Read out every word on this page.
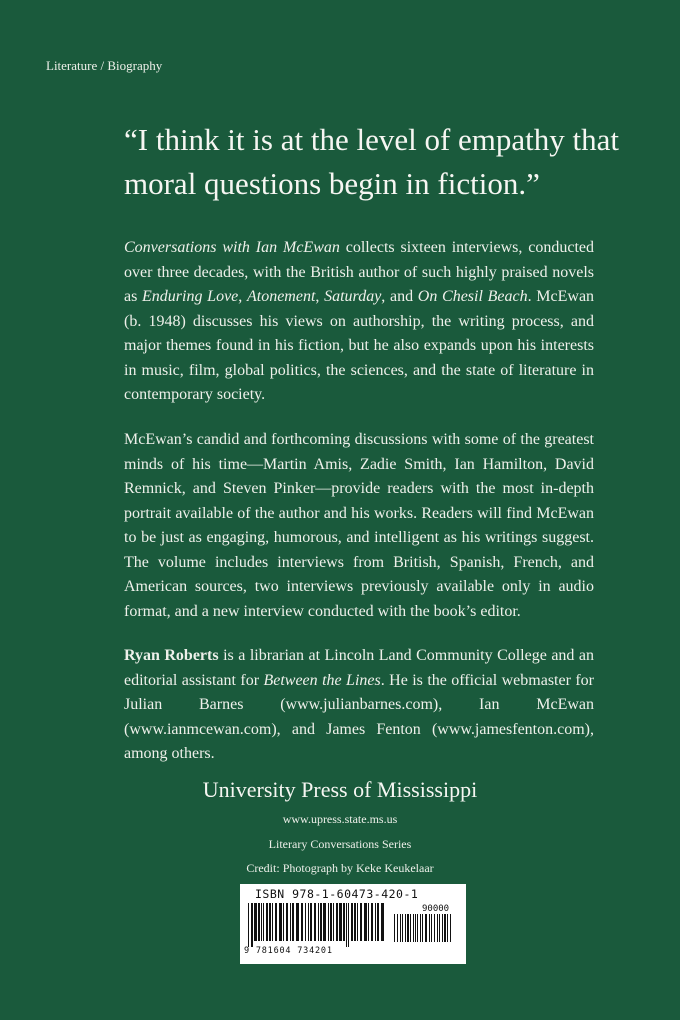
Literature / Biography
“I think it is at the level of empathy that
moral questions begin in fiction.”
Conversations with Ian McEwan collects sixteen interviews, conducted over three decades, with the British author of such highly praised novels as Enduring Love, Atonement, Saturday, and On Chesil Beach. McEwan (b. 1948) discusses his views on authorship, the writing process, and major themes found in his fiction, but he also expands upon his interests in music, film, global politics, the sciences, and the state of literature in contemporary society.
McEwan’s candid and forthcoming discussions with some of the greatest minds of his time—Martin Amis, Zadie Smith, Ian Hamilton, David Remnick, and Steven Pinker—provide readers with the most in-depth portrait available of the author and his works. Readers will find McEwan to be just as engaging, humorous, and intelligent as his writings suggest. The volume includes interviews from British, Spanish, French, and American sources, two interviews previously available only in audio format, and a new interview conducted with the book’s editor.
Ryan Roberts is a librarian at Lincoln Land Community College and an editorial assistant for Between the Lines. He is the official webmaster for Julian Barnes (www.julianbarnes.com), Ian McEwan (www.ianmcewan.com), and James Fenton (www.jamesfenton.com), among others.
University Press of Mississippi
www.upress.state.ms.us
Literary Conversations Series
Credit: Photograph by Keke Keukelaar
ISBN 978-1-60473-420-1
90000
9 781604 734201
